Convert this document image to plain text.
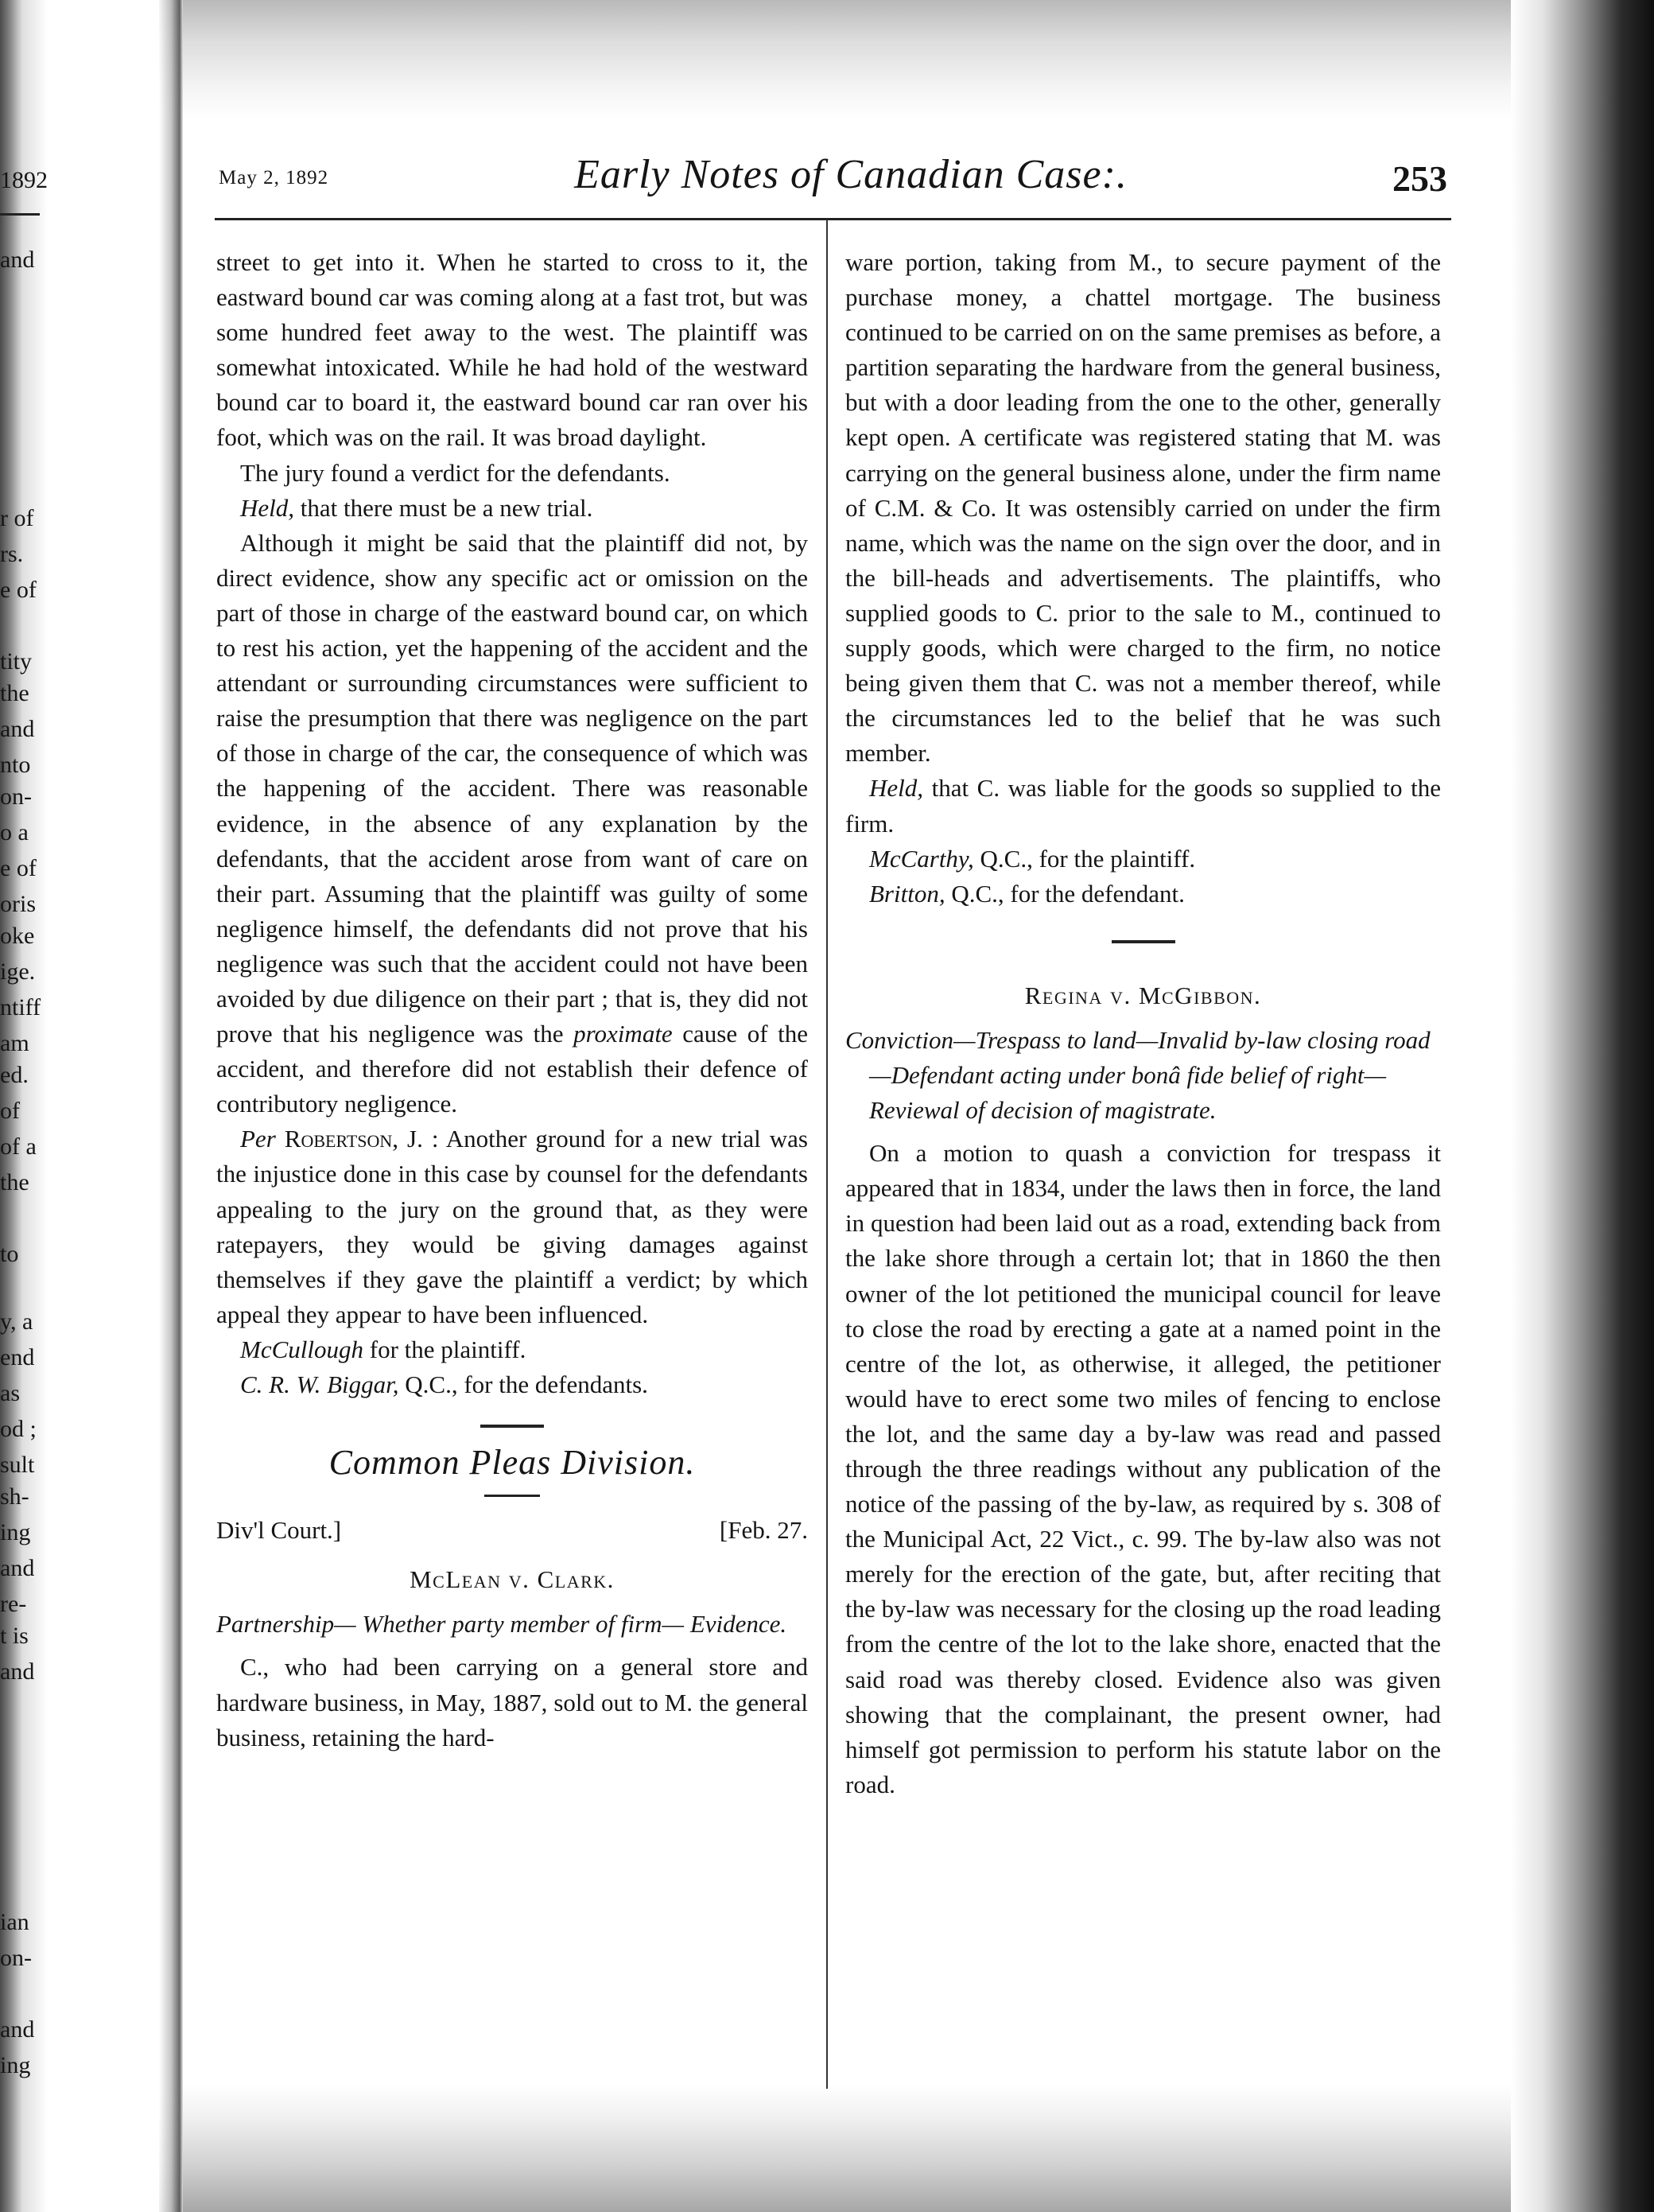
1892
and
r of
rs.
e of
tity
the
and
nto
on-
o a
e of
oris
oke
ige.
ntiff
am
ed.
of
of a
the
to
y, a
end
as
od ;
sult
sh-
ing
and
re-
t is
and
ian
on-
and
ing
May 2, 1892	Early Notes of Canadian Case:.	253

street to get into it. When he started to cross to it, the eastward bound car was coming along at a fast trot, but was some hundred feet away to the west. The plaintiff was somewhat intoxicated. While he had hold of the westward bound car to board it, the eastward bound car ran over his foot, which was on the rail. It was broad daylight.

The jury found a verdict for the defendants.

Held, that there must be a new trial.

Although it might be said that the plaintiff did not, by direct evidence, show any specific act or omission on the part of those in charge of the eastward bound car, on which to rest his action, yet the happening of the accident and the attendant or surrounding circumstances were sufficient to raise the presumption that there was negligence on the part of those in charge of the car, the consequence of which was the happening of the accident. There was reasonable evidence, in the absence of any explanation by the defendants, that the accident arose from want of care on their part. Assuming that the plaintiff was guilty of some negligence himself, the defendants did not prove that his negligence was such that the accident could not have been avoided by due diligence on their part ; that is, they did not prove that his negligence was the proximate cause of the accident, and therefore did not establish their defence of contributory negligence.

Per Robertson, J. : Another ground for a new trial was the injustice done in this case by counsel for the defendants appealing to the jury on the ground that, as they were ratepayers, they would be giving damages against themselves if they gave the plaintiff a verdict; by which appeal they appear to have been influenced.

McCullough for the plaintiff.

C. R. W. Biggar, Q.C., for the defendants.

Common Pleas Division.
Div'l Court.]	[Feb. 27.
McLean v. Clark.

Partnership— Whether party member of firm— Evidence.

C., who had been carrying on a general store and hardware business, in May, 1887, sold out to M. the general business, retaining the hard-

ware portion, taking from M., to secure payment of the purchase money, a chattel mortgage. The business continued to be carried on on the same premises as before, a partition separating the hardware from the general business, but with a door leading from the one to the other, generally kept open. A certificate was registered stating that M. was carrying on the general business alone, under the firm name of C.M. & Co. It was ostensibly carried on under the firm name, which was the name on the sign over the door, and in the bill-heads and advertisements. The plaintiffs, who supplied goods to C. prior to the sale to M., continued to supply goods, which were charged to the firm, no notice being given them that C. was not a member thereof, while the circumstances led to the belief that he was such member.

Held, that C. was liable for the goods so supplied to the firm.

McCarthy, Q.C., for the plaintiff.

Britton, Q.C., for the defendant.

Regina v. McGibbon.

Conviction—Trespass to land—Invalid by-law closing road—Defendant acting under bonâ fide belief of right—Reviewal of decision of magistrate.

On a motion to quash a conviction for trespass it appeared that in 1834, under the laws then in force, the land in question had been laid out as a road, extending back from the lake shore through a certain lot; that in 1860 the then owner of the lot petitioned the municipal council for leave to close the road by erecting a gate at a named point in the centre of the lot, as otherwise, it alleged, the petitioner would have to erect some two miles of fencing to enclose the lot, and the same day a by-law was read and passed through the three readings without any publication of the notice of the passing of the by-law, as required by s. 308 of the Municipal Act, 22 Vict., c. 99. The by-law also was not merely for the erection of the gate, but, after reciting that the by-law was necessary for the closing up the road leading from the centre of the lot to the lake shore, enacted that the said road was thereby closed. Evidence also was given showing that the complainant, the present owner, had himself got permission to perform his statute labor on the road.
